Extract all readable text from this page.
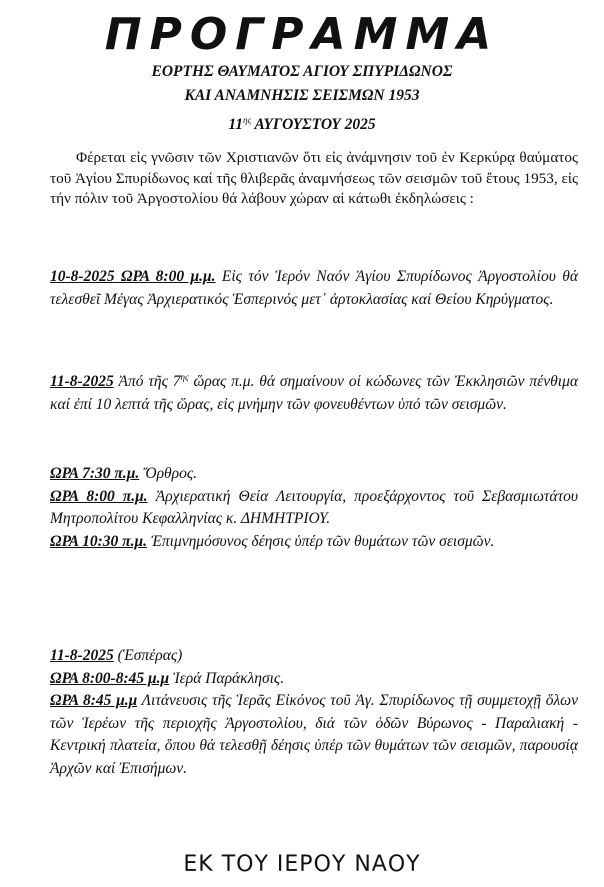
ΠΡΟΓΡΑΜΜΑ

ΕΟΡΤΗΣ ΘΑΥΜΑΤΟΣ ΑΓΙΟΥ ΣΠΥΡΙΔΩΝΟΣ

ΚΑΙ ΑΝΑΜΝΗΣΙΣ ΣΕΙΣΜΩΝ 1953

$11^{\eta\varsigma}$ ΑΥΓΟΥΣΤΟΥ 2025

Φέρεται εἰς γνῶσιν τῶν Χριστιανῶν ὅτι εἰς ἀνάμνησιν τοῦ ἐν Κερκύρᾳ θαύματος τοῦ Ἁγίου Σπυρίδωνος καί τῆς θλιβερᾶς ἀναμνήσεως τῶν σεισμῶν τοῦ ἔτους 1953, εἰς τήν πόλιν τοῦ Ἀργοστολίου θά λάβουν χώραν αἱ κάτωθι ἐκδηλώσεις :

10-8-2025 ΩΡΑ 8:00 μ.μ. Εἰς τόν Ἱερόν Ναόν Ἁγίου Σπυρίδωνος Ἀργοστολίου θά τελεσθεῖ Μέγας Ἀρχιερατικός Ἑσπερινός μετ᾽ ἀρτοκλασίας καί Θείου Κηρύγματος.

11-8-2025 Ἀπό τῆς $7^{\eta\varsigma}$ ὥρας π.μ. θά σημαίνουν οἱ κώδωνες τῶν Ἐκκλησιῶν πένθιμα καί ἐπί 10 λεπτά τῆς ὥρας, εἰς μνήμην τῶν φονευθέντων ὑπό τῶν σεισμῶν.

ΩΡΑ 7:30 π.μ. Ὄρθρος.
ΩΡΑ 8:00 π.μ. Ἀρχιερατική Θεία Λειτουργία, προεξάρχοντος τοῦ Σεβασμιωτάτου Μητροπολίτου Κεφαλληνίας κ. ΔΗΜΗΤΡΙΟΥ.
ΩΡΑ 10:30 π.μ. Ἐπιμνημόσυνος δέησις ὑπέρ τῶν θυμάτων τῶν σεισμῶν.
11-8-2025 (Ἑσπέρας)
ΩΡΑ 8:00-8:45 μ.μ Ἱερά Παράκλησις.
ΩΡΑ 8:45 μ.μ Λιτάνευσις τῆς Ἱερᾶς Εἰκόνος τοῦ Ἁγ. Σπυρίδωνος τῇ συμμετοχῇ ὅλων τῶν Ἱερέων τῆς περιοχῆς Ἀργοστολίου, διά τῶν ὁδῶν Βύρωνος - Παραλιακή - Κεντρική πλατεία, ὅπου θά τελεσθῇ δέησις ὑπέρ τῶν θυμάτων τῶν σεισμῶν, παρουσίᾳ Ἀρχῶν καί Ἐπισήμων.

ΕΚ ΤΟΥ ΙΕΡΟΥ ΝΑΟΥ
